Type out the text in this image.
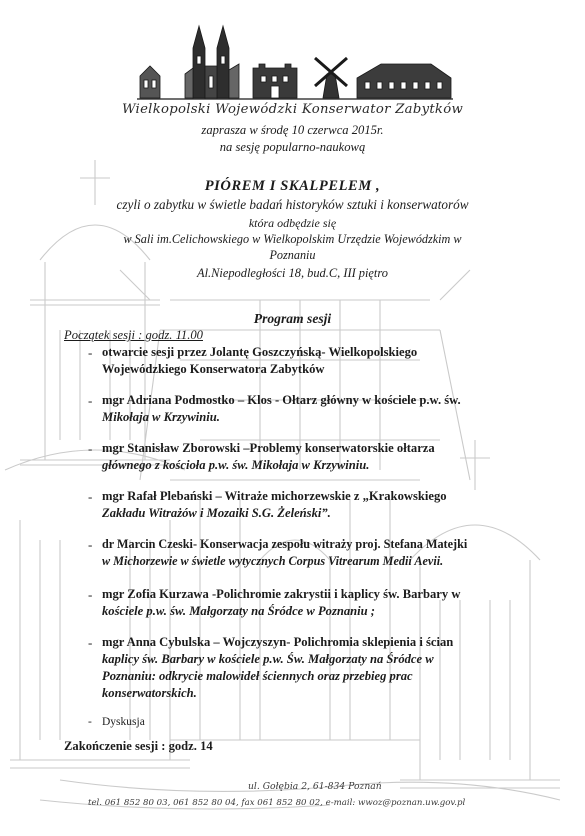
Wielkopolski Wojewódzki Konserwator Zabytków
zaprasza w środę 10 czerwca 2015r.
na sesję popularno-naukową
PIÓREM I SKALPELEM ,
czyli o zabytku w świetle badań historyków sztuki i konserwatorów
która odbędzie się
w Sali im.Celichowskiego w Wielkopolskim Urzędzie Wojewódzkim w
Poznaniu
Al.Niepodległości 18, bud.C, III piętro
Program sesji
Początek sesji : godz. 11.00
- otwarcie sesji przez Jolantę Goszczyńską- Wielkopolskiego
Wojewódzkiego Konserwatora Zabytków
- mgr Adriana Podmostko – Klos - Ołtarz główny w kościele p.w. św.
Mikołaja w Krzywiniu.
- mgr Stanisław Zborowski –Problemy konserwatorskie ołtarza
głównego z kościoła p.w. św. Mikołaja w Krzywiniu.
- mgr Rafał Plebański – Witraże michorzewskie z „Krakowskiego
Zakładu Witrażów i Mozaiki S.G. Żeleński”.
- dr Marcin Czeski- Konserwacja zespołu witraży proj. Stefana Matejki
w Michorzewie w świetle wytycznych Corpus Vitrearum Medii Aevii.
- mgr Zofia Kurzawa -Polichromie zakrystii i kaplicy św. Barbary w
kościele p.w. św. Małgorzaty na Śródce w Poznaniu ;
- mgr Anna Cybulska – Wojczyszyn- Polichromia sklepienia i ścian
kaplicy św. Barbary w kościele p.w. Św. Małgorzaty na Śródce w
Poznaniu: odkrycie malowideł ściennych oraz przebieg prac
konserwatorskich.
- Dyskusja
Zakończenie sesji : godz. 14
ul. Gołębia 2, 61-834 Poznań
tel. 061 852 80 03, 061 852 80 04, fax 061 852 80 02, e-mail: wwoz@poznan.uw.gov.pl
